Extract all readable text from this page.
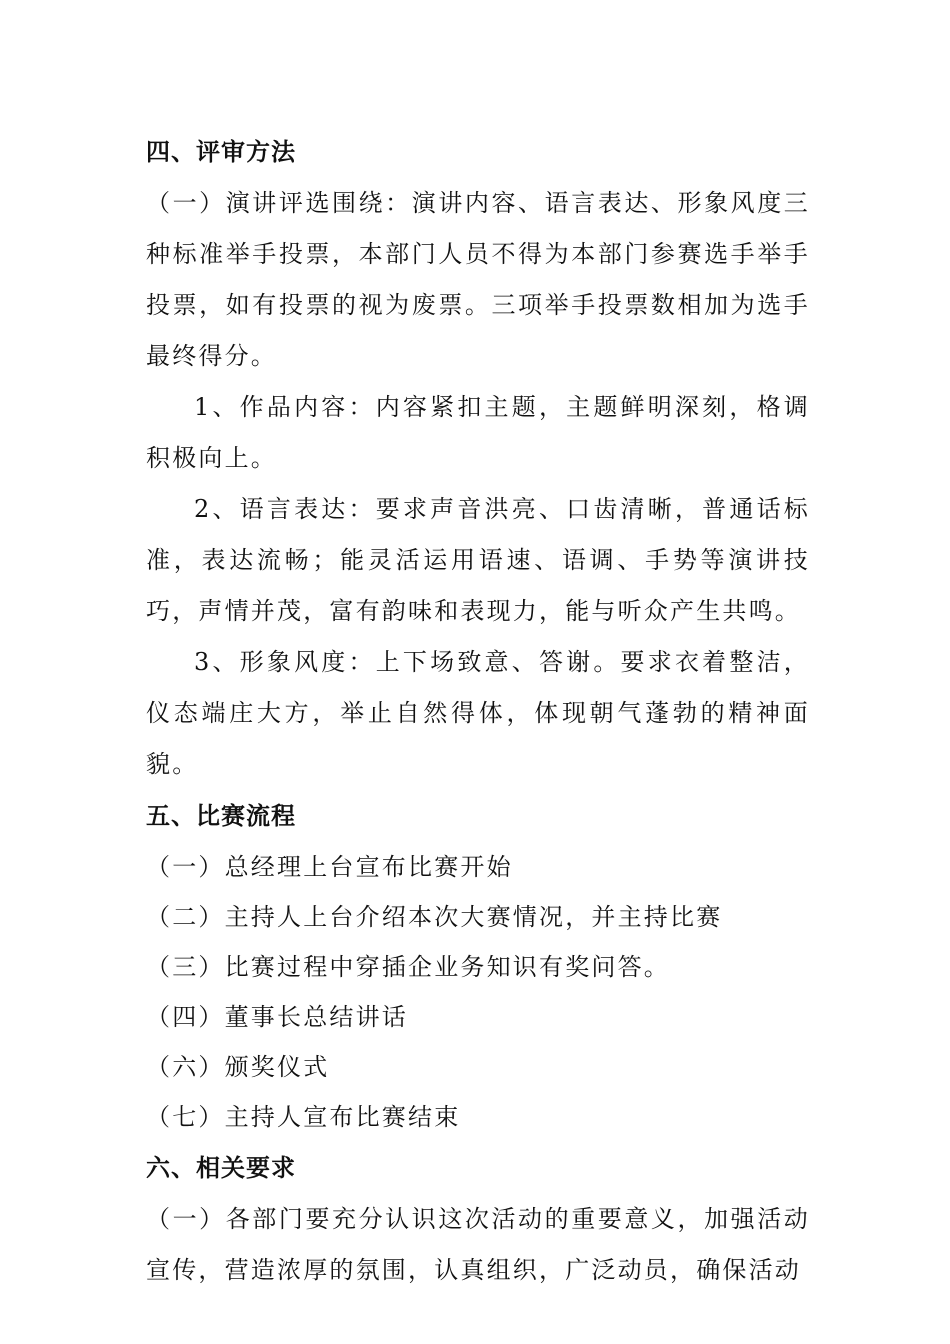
四、评审方法

（一）演讲评选围绕：演讲内容、语言表达、形象风度三种标准举手投票，本部门人员不得为本部门参赛选手举手投票，如有投票的视为废票。三项举手投票数相加为选手最终得分。

1、作品内容：内容紧扣主题，主题鲜明深刻，格调积极向上。

2、语言表达：要求声音洪亮、口齿清晰，普通话标准，表达流畅；能灵活运用语速、语调、手势等演讲技巧，声情并茂，富有韵味和表现力，能与听众产生共鸣。

3、形象风度：上下场致意、答谢。要求衣着整洁，仪态端庄大方，举止自然得体，体现朝气蓬勃的精神面貌。

五、比赛流程

（一）总经理上台宣布比赛开始

（二）主持人上台介绍本次大赛情况，并主持比赛

（三）比赛过程中穿插企业务知识有奖问答。

（四）董事长总结讲话

（六）颁奖仪式

（七）主持人宣布比赛结束

六、相关要求

（一）各部门要充分认识这次活动的重要意义，加强活动宣传，营造浓厚的氛围，认真组织，广泛动员，确保活动
